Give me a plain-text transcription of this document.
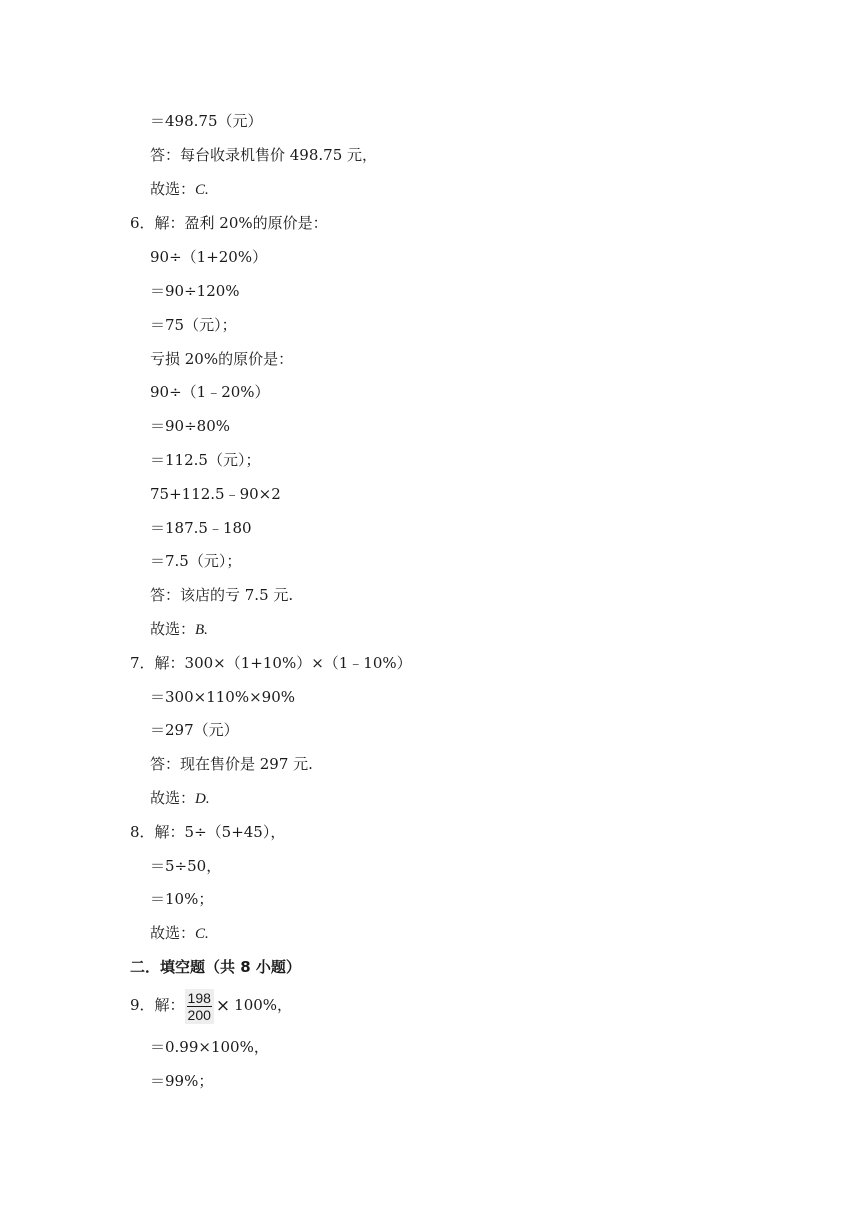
＝498.75（元）
答：每台收录机售价 498.75 元，
故选：C.
6．解：盈利 20%的原价是：
90÷（1+20%）
＝90÷120%
＝75（元）；
亏损 20%的原价是：
90÷（1﹣20%）
＝90÷80%
＝112.5（元）；
75+112.5﹣90×2
＝187.5﹣180
＝7.5（元）；
答：该店的亏 7.5 元.
故选：B.
7．解：300×（1+10%）×（1﹣10%）
＝300×110%×90%
＝297（元）
答：现在售价是 297 元.
故选：D.
8．解：5÷（5+45），
＝5÷50，
＝10%；
故选：C.
二．填空题（共 8 小题）
9．解： $\frac{198}{200} \times 100\%$，
＝0.99×100%，
＝99%；
